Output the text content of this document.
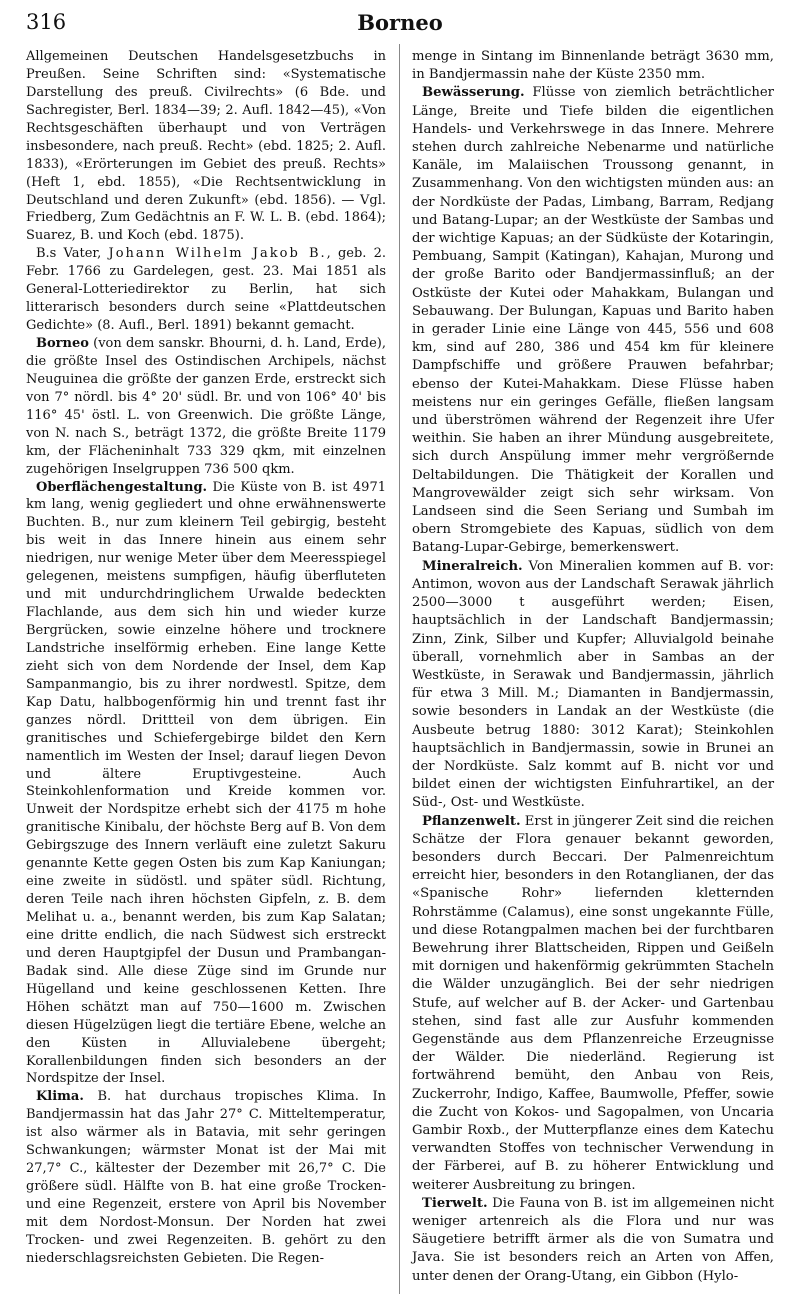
316	Borneo

Allgemeinen Deutschen Handelsgesetzbuchs in Preußen. Seine Schriften sind: «Systematische Darstellung des preuß. Civilrechts» (6 Bde. und Sachregister, Berl. 1834—39; 2. Aufl. 1842—45), «Von Rechtsgeschäften überhaupt und von Verträgen insbesondere, nach preuß. Recht» (ebd. 1825; 2. Aufl. 1833), «Erörterungen im Gebiet des preuß. Rechts» (Heft 1, ebd. 1855), «Die Rechtsentwicklung in Deutschland und deren Zukunft» (ebd. 1856). — Vgl. Friedberg, Zum Gedächtnis an F. W. L. B. (ebd. 1864); Suarez, B. und Koch (ebd. 1875).

B.s Vater, Johann Wilhelm Jakob B., geb. 2. Febr. 1766 zu Gardelegen, gest. 23. Mai 1851 als General-Lotteriedirektor zu Berlin, hat sich litterarisch besonders durch seine «Plattdeutschen Gedichte» (8. Aufl., Berl. 1891) bekannt gemacht.

Borneo (von dem sanskr. Bhourni, d. h. Land, Erde), die größte Insel des Ostindischen Archipels, nächst Neuguinea die größte der ganzen Erde, erstreckt sich von 7° nördl. bis 4° 20' südl. Br. und von 106° 40' bis 116° 45' östl. L. von Greenwich. Die größte Länge, von N. nach S., beträgt 1372, die größte Breite 1179 km, der Flächeninhalt 733 329 qkm, mit einzelnen zugehörigen Inselgruppen 736 500 qkm.

Oberflächengestaltung. Die Küste von B. ist 4971 km lang, wenig gegliedert und ohne erwähnenswerte Buchten. B., nur zum kleinern Teil gebirgig, besteht bis weit in das Innere hinein aus einem sehr niedrigen, nur wenige Meter über dem Meeresspiegel gelegenen, meistens sumpfigen, häufig überfluteten und mit undurchdringlichem Urwalde bedeckten Flachlande, aus dem sich hin und wieder kurze Bergrücken, sowie einzelne höhere und trocknere Landstriche inselförmig erheben. Eine lange Kette zieht sich von dem Nordende der Insel, dem Kap Sampanmangio, bis zu ihrer nordwestl. Spitze, dem Kap Datu, halbbogenförmig hin und trennt fast ihr ganzes nördl. Drittteil von dem übrigen. Ein granitisches und Schiefergebirge bildet den Kern namentlich im Westen der Insel; darauf liegen Devon und ältere Eruptivgesteine. Auch Steinkohlenformation und Kreide kommen vor. Unweit der Nordspitze erhebt sich der 4175 m hohe granitische Kinibalu, der höchste Berg auf B. Von dem Gebirgszuge des Innern verläuft eine zuletzt Sakuru genannte Kette gegen Osten bis zum Kap Kaniungan; eine zweite in südöstl. und später südl. Richtung, deren Teile nach ihren höchsten Gipfeln, z. B. dem Melihat u. a., benannt werden, bis zum Kap Salatan; eine dritte endlich, die nach Südwest sich erstreckt und deren Hauptgipfel der Dusun und Prambangan-Badak sind. Alle diese Züge sind im Grunde nur Hügelland und keine geschlossenen Ketten. Ihre Höhen schätzt man auf 750—1600 m. Zwischen diesen Hügelzügen liegt die tertiäre Ebene, welche an den Küsten in Alluvialebene übergeht; Korallenbildungen finden sich besonders an der Nordspitze der Insel.

Klima. B. hat durchaus tropisches Klima. In Bandjermassin hat das Jahr 27° C. Mitteltemperatur, ist also wärmer als in Batavia, mit sehr geringen Schwankungen; wärmster Monat ist der Mai mit 27,7° C., kältester der Dezember mit 26,7° C. Die größere südl. Hälfte von B. hat eine große Trocken- und eine Regenzeit, erstere von April bis November mit dem Nordost-Monsun. Der Norden hat zwei Trocken- und zwei Regenzeiten. B. gehört zu den niederschlagsreichsten Gebieten. Die Regen-

menge in Sintang im Binnenlande beträgt 3630 mm, in Bandjermassin nahe der Küste 2350 mm.

Bewässerung. Flüsse von ziemlich beträchtlicher Länge, Breite und Tiefe bilden die eigentlichen Handels- und Verkehrswege in das Innere. Mehrere stehen durch zahlreiche Nebenarme und natürliche Kanäle, im Malaiischen Troussong genannt, in Zusammenhang. Von den wichtigsten münden aus: an der Nordküste der Padas, Limbang, Barram, Redjang und Batang-Lupar; an der Westküste der Sambas und der wichtige Kapuas; an der Südküste der Kotaringin, Pembuang, Sampit (Katingan), Kahajan, Murong und der große Barito oder Bandjermassinfluß; an der Ostküste der Kutei oder Mahakkam, Bulangan und Sebauwang. Der Bulungan, Kapuas und Barito haben in gerader Linie eine Länge von 445, 556 und 608 km, sind auf 280, 386 und 454 km für kleinere Dampfschiffe und größere Prauwen befahrbar; ebenso der Kutei-Mahakkam. Diese Flüsse haben meistens nur ein geringes Gefälle, fließen langsam und überströmen während der Regenzeit ihre Ufer weithin. Sie haben an ihrer Mündung ausgebreitete, sich durch Anspülung immer mehr vergrößernde Deltabildungen. Die Thätigkeit der Korallen und Mangrovewälder zeigt sich sehr wirksam. Von Landseen sind die Seen Seriang und Sumbah im obern Stromgebiete des Kapuas, südlich von dem Batang-Lupar-Gebirge, bemerkenswert.

Mineralreich. Von Mineralien kommen auf B. vor: Antimon, wovon aus der Landschaft Serawak jährlich 2500—3000 t ausgeführt werden; Eisen, hauptsächlich in der Landschaft Bandjermassin; Zinn, Zink, Silber und Kupfer; Alluvialgold beinahe überall, vornehmlich aber in Sambas an der Westküste, in Serawak und Bandjermassin, jährlich für etwa 3 Mill. M.; Diamanten in Bandjermassin, sowie besonders in Landak an der Westküste (die Ausbeute betrug 1880: 3012 Karat); Steinkohlen hauptsächlich in Bandjermassin, sowie in Brunei an der Nordküste. Salz kommt auf B. nicht vor und bildet einen der wichtigsten Einfuhrartikel, an der Süd-, Ost- und Westküste.

Pflanzenwelt. Erst in jüngerer Zeit sind die reichen Schätze der Flora genauer bekannt geworden, besonders durch Beccari. Der Palmenreichtum erreicht hier, besonders in den Rotanglianen, der das «Spanische Rohr» liefernden kletternden Rohrstämme (Calamus), eine sonst ungekannte Fülle, und diese Rotangpalmen machen bei der furchtbaren Bewehrung ihrer Blattscheiden, Rippen und Geißeln mit dornigen und hakenförmig gekrümmten Stacheln die Wälder unzugänglich. Bei der sehr niedrigen Stufe, auf welcher auf B. der Acker- und Gartenbau stehen, sind fast alle zur Ausfuhr kommenden Gegenstände aus dem Pflanzenreiche Erzeugnisse der Wälder. Die niederländ. Regierung ist fortwährend bemüht, den Anbau von Reis, Zuckerrohr, Indigo, Kaffee, Baumwolle, Pfeffer, sowie die Zucht von Kokos- und Sagopalmen, von Uncaria Gambir Roxb., der Mutterpflanze eines dem Katechu verwandten Stoffes von technischer Verwendung in der Färberei, auf B. zu höherer Entwicklung und weiterer Ausbreitung zu bringen.

Tierwelt. Die Fauna von B. ist im allgemeinen nicht weniger artenreich als die Flora und nur was Säugetiere betrifft ärmer als die von Sumatra und Java. Sie ist besonders reich an Arten von Affen, unter denen der Orang-Utang, ein Gibbon (Hylo-
